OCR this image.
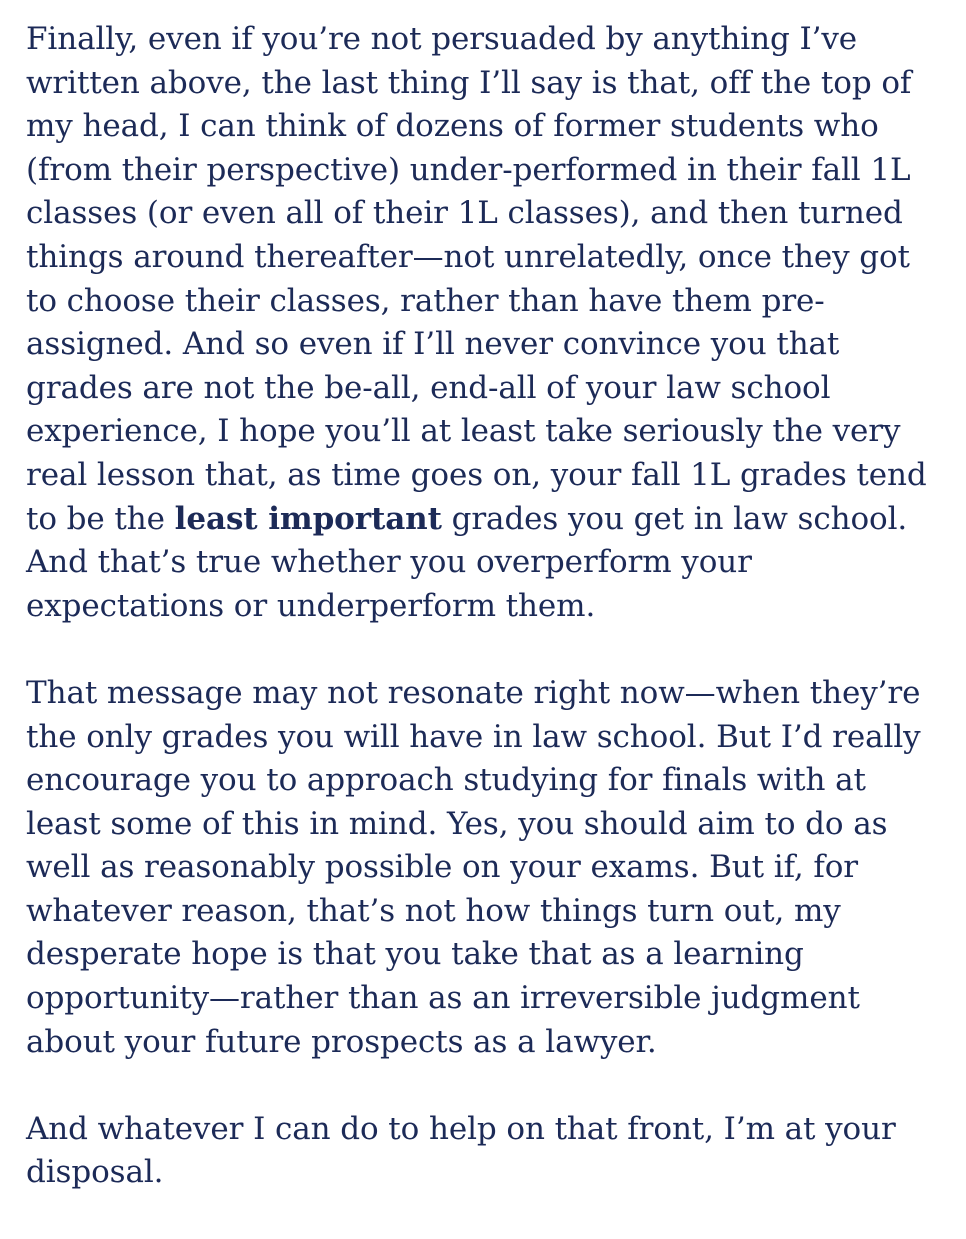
Finally, even if you’re not persuaded by anything I’ve
written above, the last thing I’ll say is that, off the top of
my head, I can think of dozens of former students who
(from their perspective) under-performed in their fall 1L
classes (or even all of their 1L classes), and then turned
things around thereafter—not unrelatedly, once they got
to choose their classes, rather than have them pre-
assigned. And so even if I’ll never convince you that
grades are not the be-all, end-all of your law school
experience, I hope you’ll at least take seriously the very
real lesson that, as time goes on, your fall 1L grades tend
to be the least important grades you get in law school.
And that’s true whether you overperform your
expectations or underperform them.

That message may not resonate right now—when they’re
the only grades you will have in law school. But I’d really
encourage you to approach studying for finals with at
least some of this in mind. Yes, you should aim to do as
well as reasonably possible on your exams. But if, for
whatever reason, that’s not how things turn out, my
desperate hope is that you take that as a learning
opportunity—rather than as an irreversible judgment
about your future prospects as a lawyer.

And whatever I can do to help on that front, I’m at your
disposal.
